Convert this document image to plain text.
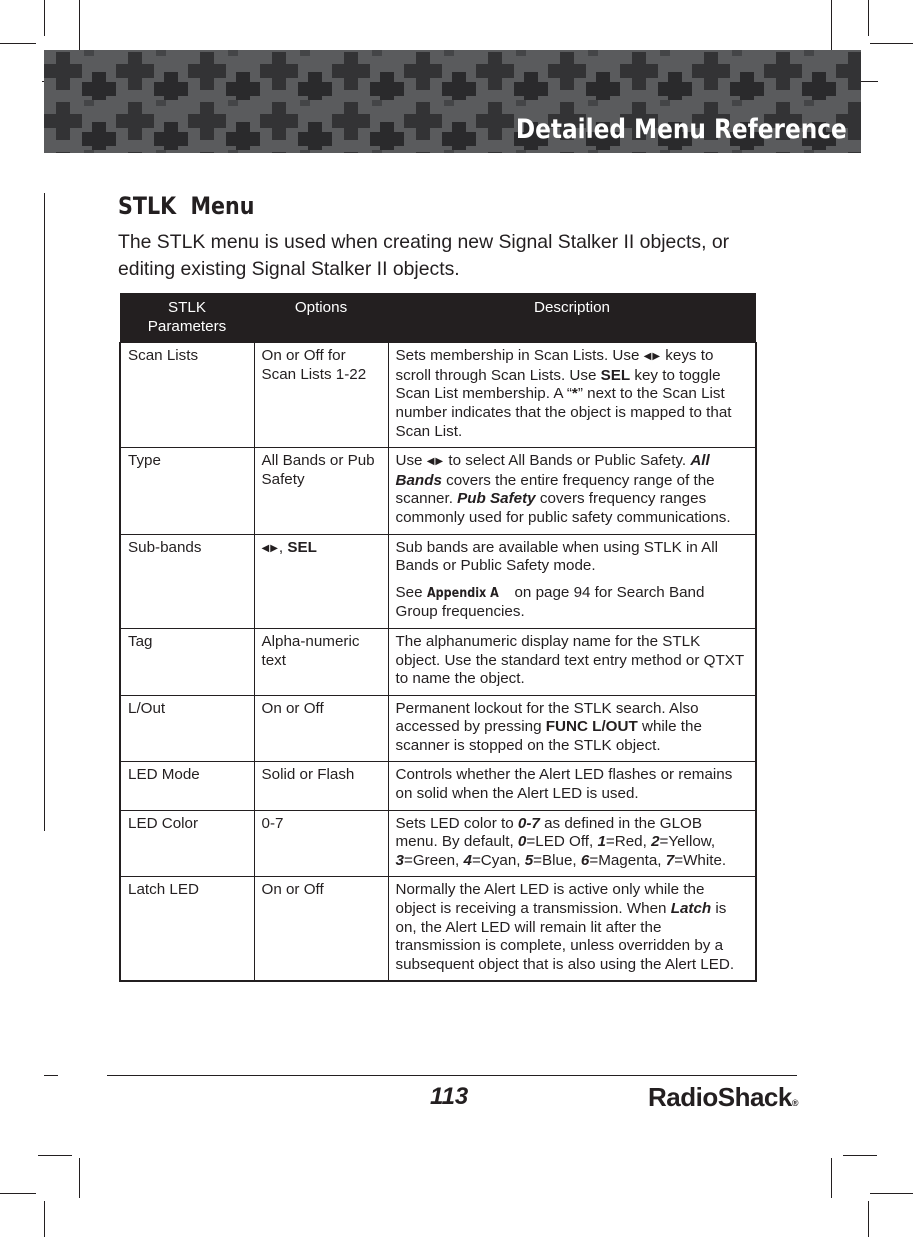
Detailed Menu Reference
STLK  Menu

The STLK menu is used when creating new Signal Stalker II objects, or editing existing Signal Stalker II objects.

STLK Parameters	Options	Description
Scan Lists	On or Off for Scan Lists 1-22	Sets membership in Scan Lists. Use ◀▶ keys to scroll through Scan Lists. Use SEL key to toggle Scan List membership. A “*” next to the Scan List number indicates that the object is mapped to that Scan List.

Type	All Bands or Pub Safety	Use ◀▶ to select All Bands or Public Safety. All Bands covers the entire frequency range of the scanner. Pub Safety covers frequency ranges commonly used for public safety communications.

Sub-bands	◀▶, SEL	Sub bands are available when using STLK in All Bands or Public Safety mode.

See Appendix A on page 94 for Search Band Group frequencies.

Tag	Alpha-numeric text	The alphanumeric display name for the STLK object. Use the standard text entry method or QTXT to name the object.
L/Out	On or Off	Permanent lockout for the STLK search. Also accessed by pressing FUNC L/OUT while the scanner is stopped on the STLK object.
LED Mode	Solid or Flash	Controls whether the Alert LED flashes or remains on solid when the Alert LED is used.
LED Color	0-7	Sets LED color to 0-7 as defined in the GLOB menu. By default, 0=LED Off, 1=Red, 2=Yellow, 3=Green, 4=Cyan, 5=Blue, 6=Magenta, 7=White.
Latch LED	On or Off	Normally the Alert LED is active only while the object is receiving a transmission. When Latch is on, the Alert LED will remain lit after the transmission is complete, unless overridden by a subsequent object that is also using the Alert LED.
113	RadioShack®
